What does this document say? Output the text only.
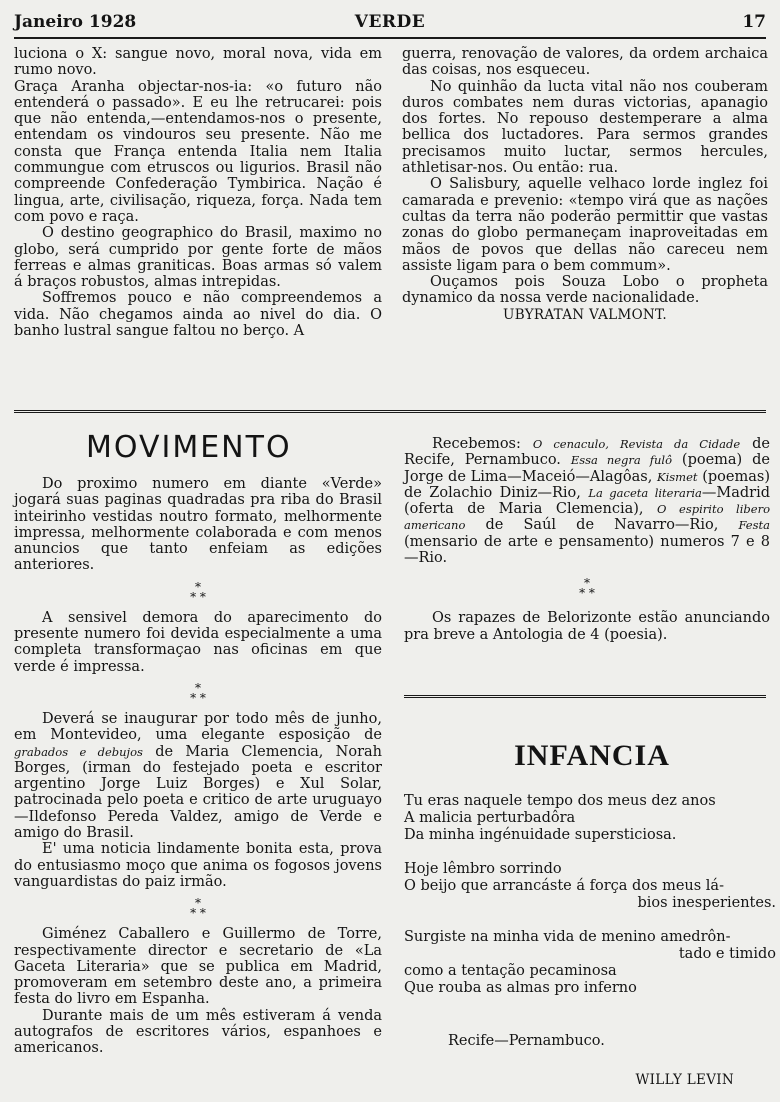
Janeiro 1928	VERDE	17

luciona o X: sangue novo, moral nova, vida em rumo novo.

Graça Aranha objectar-nos-ia: «o futuro não entenderá o passado». E eu lhe retrucarei: pois que não entenda,—entendamos-nos o presente, entendam os vindouros seu presente. Não me consta que França entenda Italia nem Italia commungue com etruscos ou ligurios. Brasil não compreende Confederação Tymbirica. Nação é lingua, arte, civilisação, riqueza, força. Nada tem com povo e raça.

O destino geographico do Brasil, maximo no globo, será cumprido por gente forte de mãos ferreas e almas graniticas. Boas armas só valem á braços robustos, almas intrepidas.

Soffremos pouco e não compreendemos a vida. Não chegamos ainda ao nivel do dia. O banho lustral sangue faltou no berço. A

guerra, renovação de valores, da ordem archaica das coisas, nos esqueceu.

No quinhão da lucta vital não nos couberam duros combates nem duras victorias, apanagio dos fortes. No repouso destemperare a alma bellica dos luctadores. Para sermos grandes precisamos muito luctar, sermos hercules, athletisar-nos. Ou então: rua.

O Salisbury, aquelle velhaco lorde inglez foi camarada e prevenio: «tempo virá que as nações cultas da terra não poderão permittir que vastas zonas do globo permaneçam inaproveitadas em mãos de povos que dellas não careceu nem assiste ligam para o bem commum».

Ouçamos pois Souza Lobo o propheta dynamico da nossa verde nacionalidade.

UBYRATAN VALMONT.

MOVIMENTO

Do proximo numero em diante «Verde» jogará suas paginas quadradas pra riba do Brasil inteirinho vestidas noutro formato, melhormente impressa, melhormente colaborada e com menos anuncios que tanto enfeiam as edições anteriores.

*
* *

A sensivel demora do aparecimento do presente numero foi devida especialmente a uma completa transformaçao nas oficinas em que verde é impressa.

*
* *

Deverá se inaugurar por todo mês de junho, em Montevideo, uma elegante esposição de grabados e debujos de Maria Clemencia, Norah Borges, (irman do festejado poeta e escritor argentino Jorge Luiz Borges) e Xul Solar, patrocinada pelo poeta e critico de arte uruguayo—Ildefonso Pereda Valdez, amigo de Verde e amigo do Brasil.

E' uma noticia lindamente bonita esta, prova do entusiasmo moço que anima os fogosos jovens vanguardistas do paiz irmão.

*
* *

Giménez Caballero e Guillermo de Torre, respectivamente director e secretario de «La Gaceta Literaria» que se publica em Madrid, promoveram em setembro deste ano, a primeira festa do livro em Espanha.

Durante mais de um mês estiveram á venda autografos de escritores vários, espanhoes e americanos.

Recebemos: O cenaculo, Revista da Cidade de Recife, Pernambuco. Essa negra fulô (poema) de Jorge de Lima—Maceió—Alagôas, Kismet (poemas) de Zolachio Diniz—Rio, La gaceta literaria—Madrid (oferta de Maria Clemencia), O espirito libero americano de Saúl de Navarro—Rio, Festa (mensario de arte e pensamento) numeros 7 e 8—Rio.

*
* *

Os rapazes de Belorizonte estão anunciando pra breve a Antologia de 4 (poesia).

INFANCIA

Tu eras naquele tempo dos meus dez anos

A malicia perturbadôra

Da minha ingénuidade supersticiosa.

Hoje lêmbro sorrindo

O beijo que arrancáste á força dos meus lá-

bios inesperientes.

Surgiste na minha vida de menino amedrôn-

tado e timido

como a tentação pecaminosa

Que rouba as almas pro inferno

Recife—Pernambuco.
WILLY LEVIN
